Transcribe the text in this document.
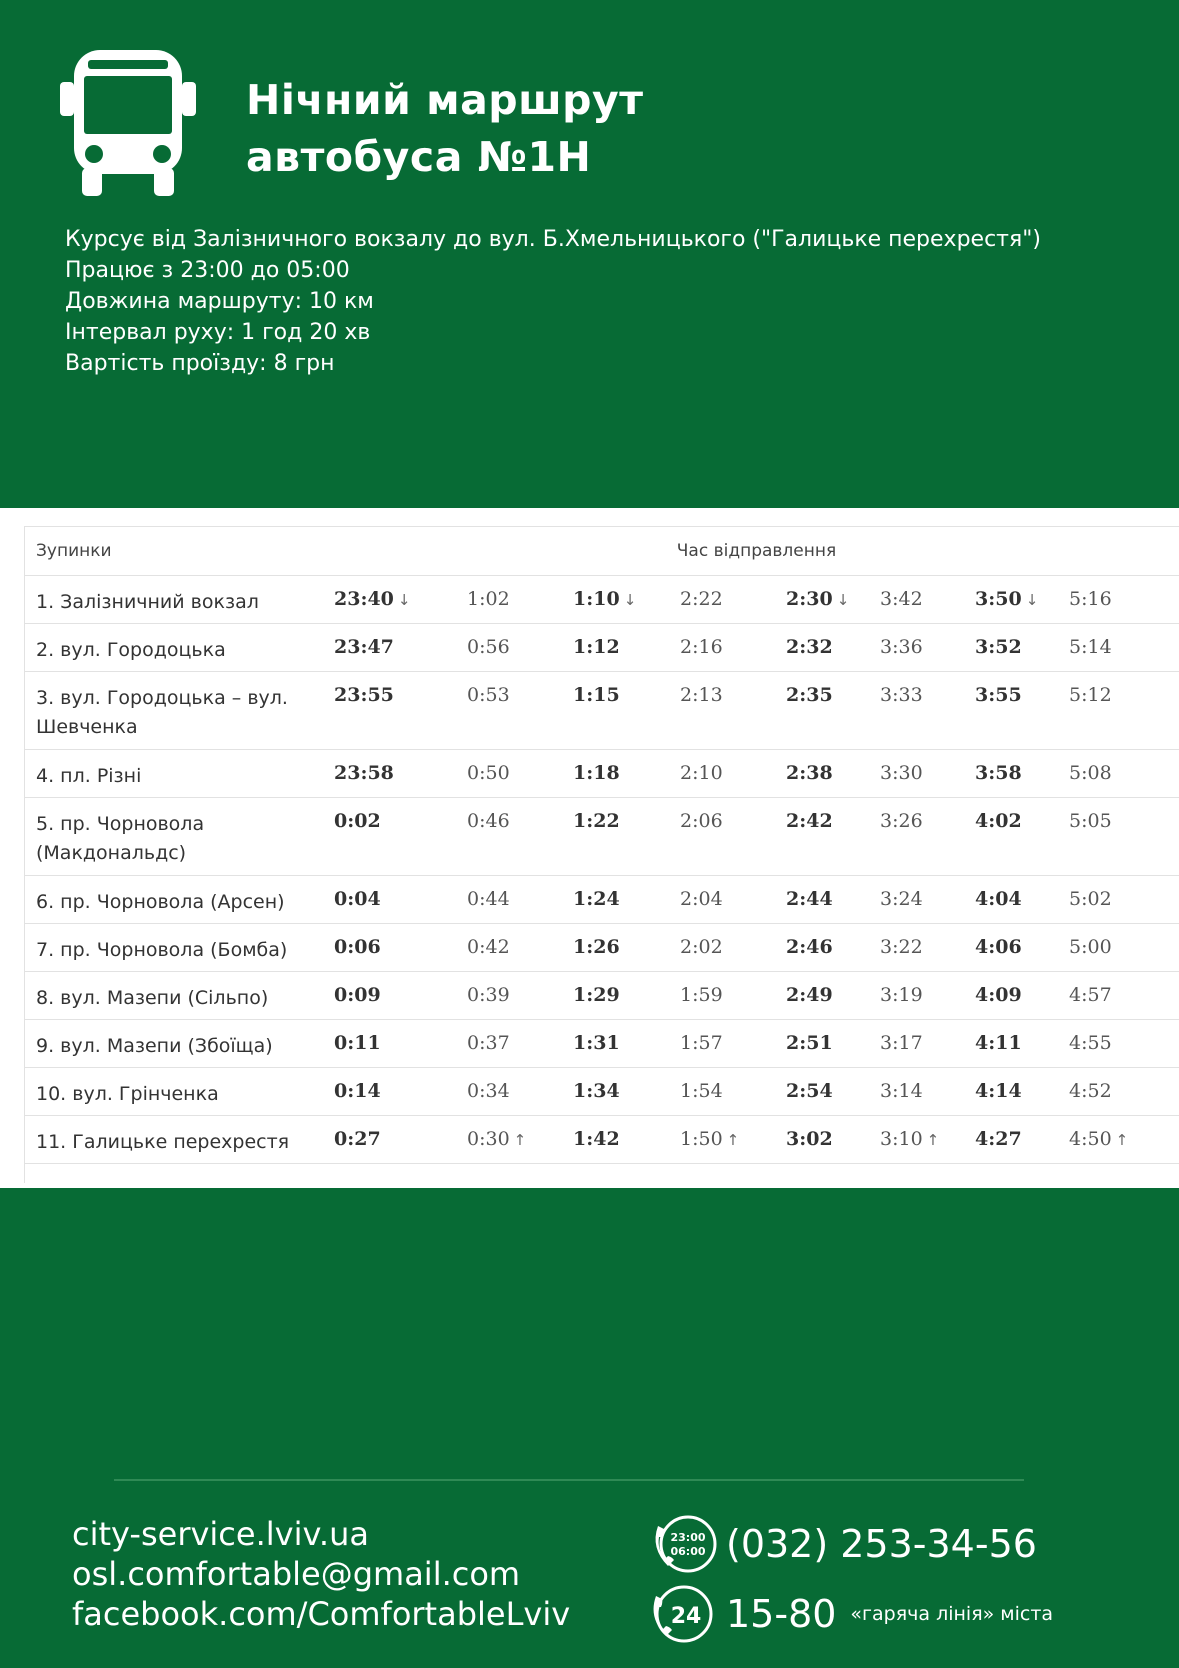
Нічний маршрут
автобуса №1Н
Курсує від Залізничного вокзалу до вул. Б.Хмельницького ("Галицьке перехрестя")
Працює з 23:00 до 05:00
Довжина маршруту: 10 км
Інтервал руху: 1 год 20 хв
Вартість проїзду: 8 грн
Зупинки	Час відправлення							
1. Залізничний вокзал	23:40 ↓	1:02	1:10 ↓	2:22	2:30 ↓	3:42	3:50 ↓	5:16
2. вул. Городоцька	23:47	0:56	1:12	2:16	2:32	3:36	3:52	5:14
3. вул. Городоцька – вул. Шевченка	23:55	0:53	1:15	2:13	2:35	3:33	3:55	5:12
4. пл. Різні	23:58	0:50	1:18	2:10	2:38	3:30	3:58	5:08
5. пр. Чорновола (Макдональдс)	0:02	0:46	1:22	2:06	2:42	3:26	4:02	5:05
6. пр. Чорновола (Арсен)	0:04	0:44	1:24	2:04	2:44	3:24	4:04	5:02
7. пр. Чорновола (Бомба)	0:06	0:42	1:26	2:02	2:46	3:22	4:06	5:00
8. вул. Мазепи (Сільпо)	0:09	0:39	1:29	1:59	2:49	3:19	4:09	4:57
9. вул. Мазепи (Збоїща)	0:11	0:37	1:31	1:57	2:51	3:17	4:11	4:55
10. вул. Грінченка	0:14	0:34	1:34	1:54	2:54	3:14	4:14	4:52
11. Галицьке перехрестя	0:27	0:30 ↑	1:42	1:50 ↑	3:02	3:10 ↑	4:27	4:50 ↑
city-service.lviv.ua
osl.comfortable@gmail.com
facebook.com/ComfortableLviv
23:00
06:00 (032) 253-34-56
24 15-80 «гаряча лінія» міста
